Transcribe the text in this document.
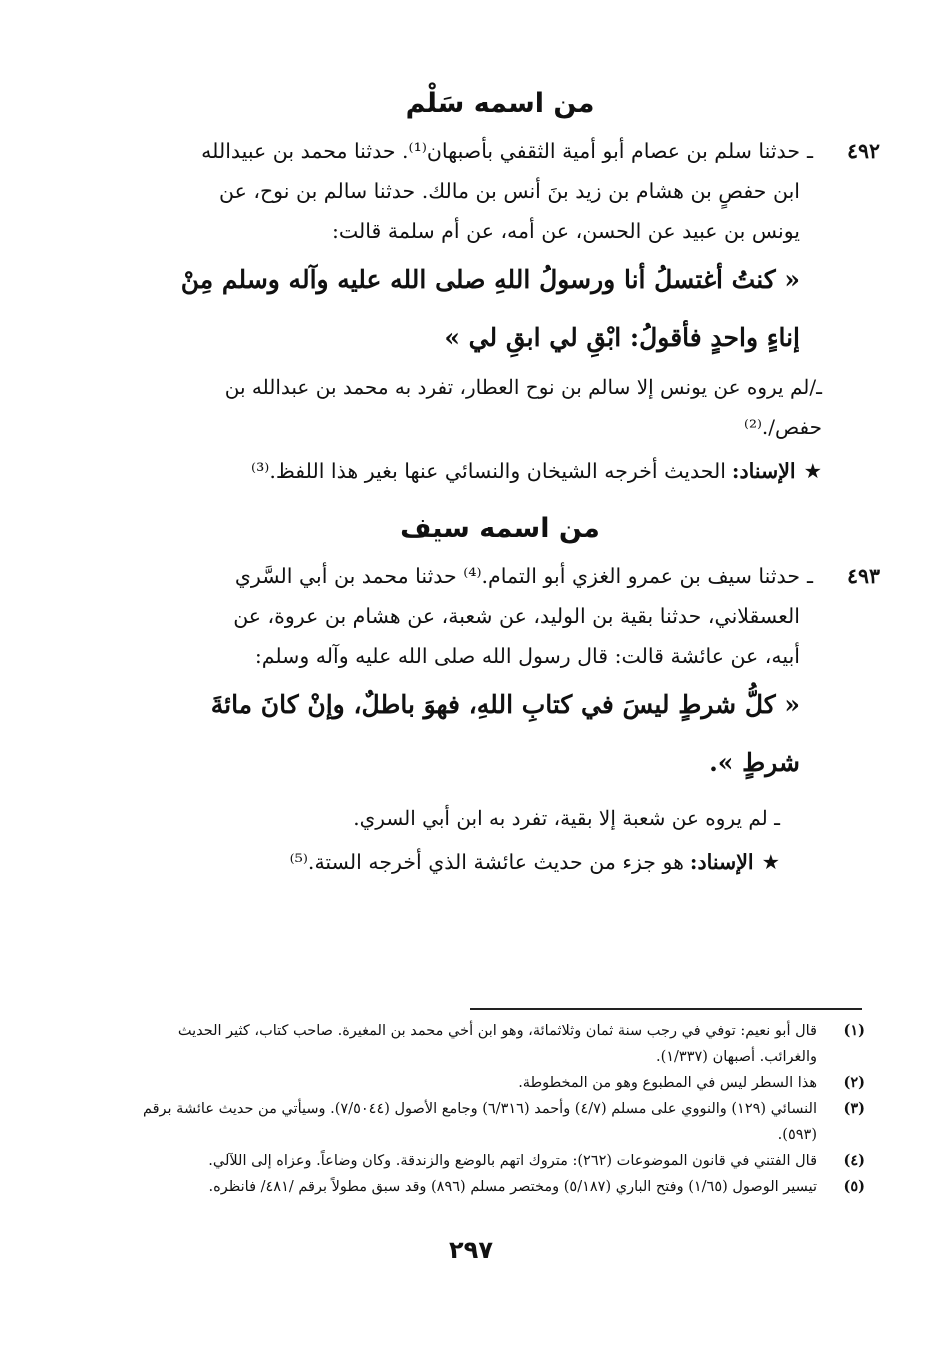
من اسمه سَلْم
٤٩٢
ـ
حدثنا سلم بن عصام أبو أمية الثقفي بأصبهان⁽¹⁾. حدثنا محمد بن عبيدالله
ابن حفصٍ بن هشام بن زيد بنَ أنس بن مالك. حدثنا سالم بن نوح، عن
يونس بن عبيد عن الحسن، عن أمه، عن أم سلمة قالت:
« كنتُ أغتسلُ أنا ورسولُ اللهِ صلى الله عليه وآله وسلم مِنْ
إناءٍ واحدٍ فأقولُ: ابْقِ لي ابقِ لي »
ـ/لم يروه عن يونس إلا سالم بن نوح العطار، تفرد به محمد بن عبدالله بن
حفص/.⁽²⁾
★الإسناد:الحديث أخرجه الشيخان والنسائي عنها بغير هذا اللفظ.⁽³⁾
من اسمه سيف
٤٩٣
ـ
حدثنا سيف بن عمرو الغزي أبو التمام.⁽⁴⁾ حدثنا محمد بن أبي السَّري
العسقلاني، حدثنا بقية بن الوليد، عن شعبة، عن هشام بن عروة، عن
أبيه، عن عائشة قالت: قال رسول الله صلى الله عليه وآله وسلم:
« كلُّ شرطٍ ليسَ في كتابِ اللهِ، فهوَ باطلٌ، وإنْ كانَ مائةَ
شرطٍ ».
ـ لم يروه عن شعبة إلا بقية، تفرد به ابن أبي السري.
★الإسناد:هو جزء من حديث عائشة الذي أخرجه الستة.⁽⁵⁾
(١)
قال أبو نعيم: توفي في رجب سنة ثمان وثلاثمائة، وهو ابن أخي محمد بن المغيرة. صاحب كتاب، كثير الحديث والغرائب. أصبهان (١/٣٣٧).
(٢)
هذا السطر ليس في المطبوع وهو من المخطوطة.
(٣)
النسائي (١٢٩) والنووي على مسلم (٤/٧) وأحمد (٦/٣١٦) وجامع الأصول (٧/٥٠٤٤). وسيأتي من حديث عائشة برقم (٥٩٣).
(٤)
قال الفتني في قانون الموضوعات (٢٦٢): متروك اتهم بالوضع والزندقة. وكان وضاعاً. وعزاه إلى اللآلي.
(٥)
تيسير الوصول (١/٦٥) وفتح الباري (٥/١٨٧) ومختصر مسلم (٨٩٦) وقد سبق مطولاً برقم /٤٨١/ فانظره.
٢٩٧
